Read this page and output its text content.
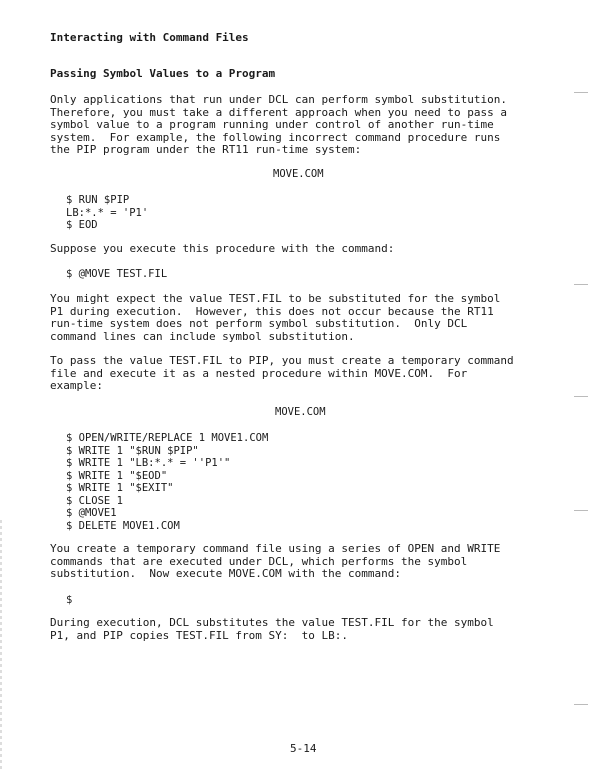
Interacting with Command Files
Passing Symbol Values to a Program
Only applications that run under DCL can perform symbol substitution.
Therefore, you must take a different approach when you need to pass a
symbol value to a program running under control of another run-time
system.  For example, the following incorrect command procedure runs
the PIP program under the RT11 run-time system:
MOVE.COM
$ RUN $PIP
LB:*.* = 'P1'
$ EOD
Suppose you execute this procedure with the command:
$ @MOVE TEST.FIL
You might expect the value TEST.FIL to be substituted for the symbol
P1 during execution.  However, this does not occur because the RT11
run-time system does not perform symbol substitution.  Only DCL
command lines can include symbol substitution.
To pass the value TEST.FIL to PIP, you must create a temporary command
file and execute it as a nested procedure within MOVE.COM.  For
example:
MOVE.COM
$ OPEN/WRITE/REPLACE 1 MOVE1.COM
$ WRITE 1 "$RUN $PIP"
$ WRITE 1 "LB:*.* = ''P1'"
$ WRITE 1 "$EOD"
$ WRITE 1 "$EXIT"
$ CLOSE 1
$ @MOVE1
$ DELETE MOVE1.COM
You create a temporary command file using a series of OPEN and WRITE
commands that are executed under DCL, which performs the symbol
substitution.  Now execute MOVE.COM with the command:
$
During execution, DCL substitutes the value TEST.FIL for the symbol
P1, and PIP copies TEST.FIL from SY:  to LB:.
5-14
